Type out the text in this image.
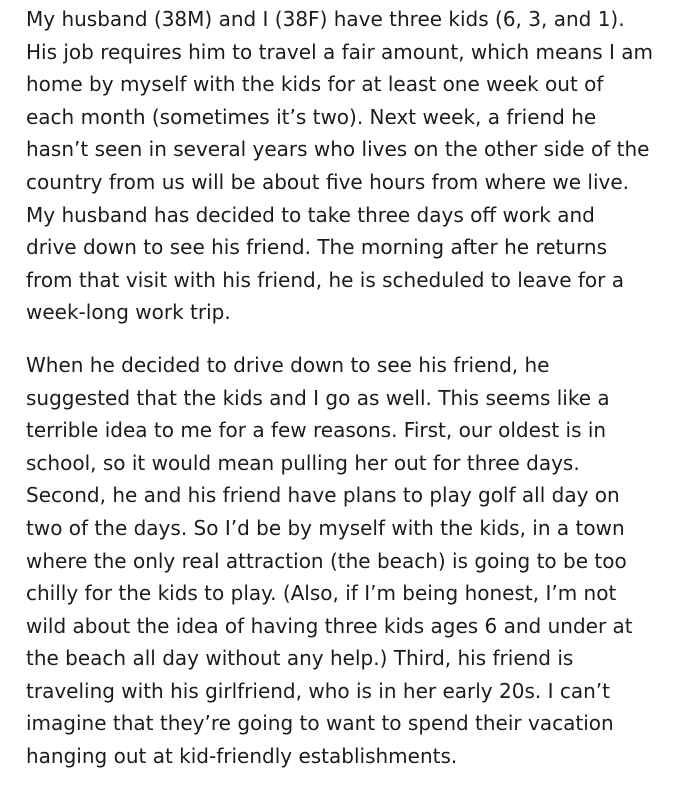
My husband (38M) and I (38F) have three kids (6, 3, and 1).
His job requires him to travel a fair amount, which means I am
home by myself with the kids for at least one week out of
each month (sometimes it’s two). Next week, a friend he
hasn’t seen in several years who lives on the other side of the
country from us will be about five hours from where we live.
My husband has decided to take three days off work and
drive down to see his friend. The morning after he returns
from that visit with his friend, he is scheduled to leave for a
week-long work trip.
When he decided to drive down to see his friend, he
suggested that the kids and I go as well. This seems like a
terrible idea to me for a few reasons. First, our oldest is in
school, so it would mean pulling her out for three days.
Second, he and his friend have plans to play golf all day on
two of the days. So I’d be by myself with the kids, in a town
where the only real attraction (the beach) is going to be too
chilly for the kids to play. (Also, if I’m being honest, I’m not
wild about the idea of having three kids ages 6 and under at
the beach all day without any help.) Third, his friend is
traveling with his girlfriend, who is in her early 20s. I can’t
imagine that they’re going to want to spend their vacation
hanging out at kid-friendly establishments.
